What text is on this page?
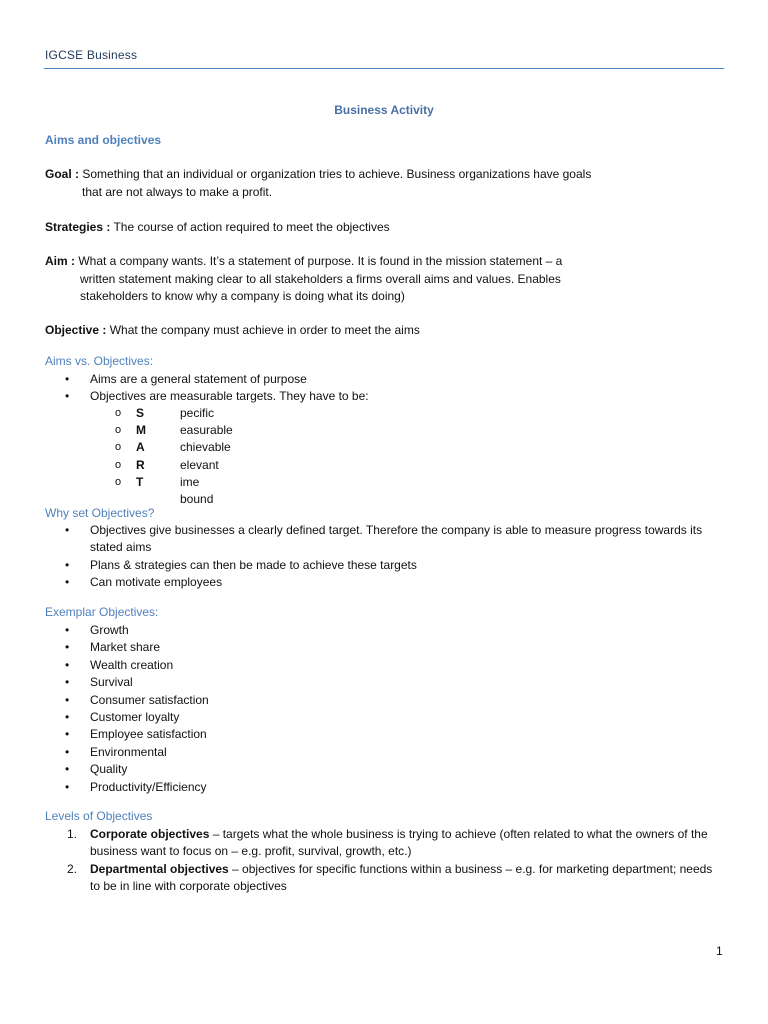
IGCSE Business
Business Activity
Aims and objectives
Goal : Something that an individual or organization tries to achieve. Business organizations have goals
that are not always to make a profit.
Strategies : The course of action required to meet the objectives
Aim : What a company wants. It’s a statement of purpose. It is found in the mission statement – a
written statement making clear to all stakeholders a firms overall aims and values. Enables
stakeholders to know why a company is doing what its doing)
Objective : What the company must achieve in order to meet the aims
Aims vs. Objectives:
• Aims are a general statement of purpose
• Objectives are measurable targets. They have to be:
o S	pecific
o M	easurable
o A	chievable
o R	elevant
o T	ime bound
Why set Objectives?
• Objectives give businesses a clearly defined target. Therefore the company is able to measure progress towards its stated aims
• Plans & strategies can then be made to achieve these targets
• Can motivate employees
Exemplar Objectives:
• Growth
• Market share
• Wealth creation
• Survival
• Consumer satisfaction
• Customer loyalty
• Employee satisfaction
• Environmental
• Quality
• Productivity/Efficiency
Levels of Objectives
1. Corporate objectives – targets what the whole business is trying to achieve (often related to what the owners of the business want to focus on – e.g. profit, survival, growth, etc.)
2. Departmental objectives – objectives for specific functions within a business – e.g. for marketing department; needs to be in line with corporate objectives
1
